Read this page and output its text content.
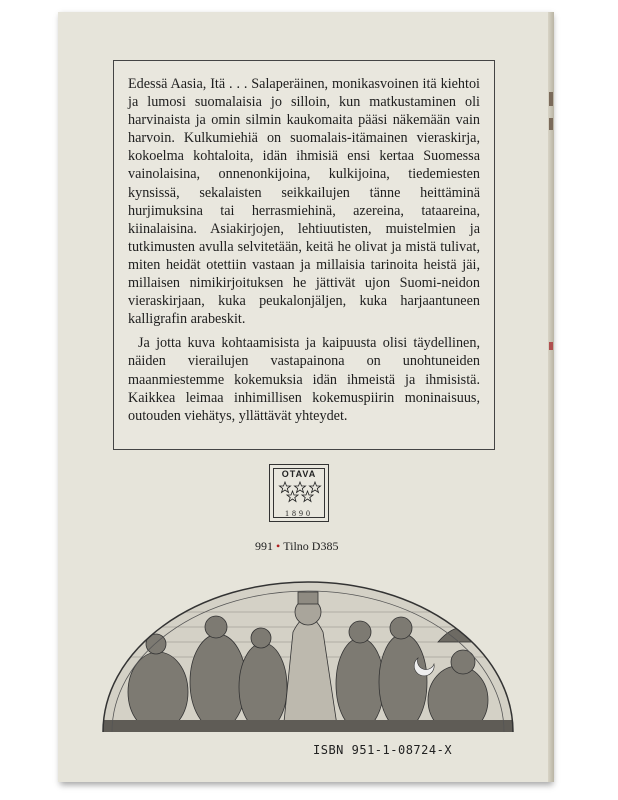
Edessä Aasia, Itä . . . Salaperäinen, monikasvoinen itä kiehtoi ja lumosi suomalaisia jo silloin, kun matkustaminen oli harvinaista ja omin silmin kaukomaita pääsi näkemään vain harvoin. Kulkumiehiä on suomalais-itämainen vieraskirja, kokoelma kohtaloita, idän ihmisiä ensi kertaa Suomessa vainolaisina, onnenonkijoina, kulkijoina, tiedemiesten kynsissä, sekalaisten seikkailujen tänne heittäminä hurjimuksina tai herrasmiehinä, azereina, tataareina, kiinalaisina. Asiakirjojen, lehtiuutisten, muistelmien ja tutkimusten avulla selvitetään, keitä he olivat ja mistä tulivat, miten heidät otettiin vastaan ja millaisia tarinoita heistä jäi, millaisen nimikirjoituksen he jättivät ujon Suomi-neidon vieraskirjaan, kuka peukalonjäljen, kuka harjaantuneen kalligrafin arabeskit.

Ja jotta kuva kohtaamisista ja kaipuusta olisi täydellinen, näiden vierailujen vastapainona on unohtuneiden maanmiestemme kokemuksia idän ihmeistä ja ihmisistä. Kaikkea leimaa inhimillisen kokemuspiirin moninaisuus, outouden viehätys, yllättävät yhteydet.

OTAVA
1890
991 • Tilno D385
ISBN 951-1-08724-X
